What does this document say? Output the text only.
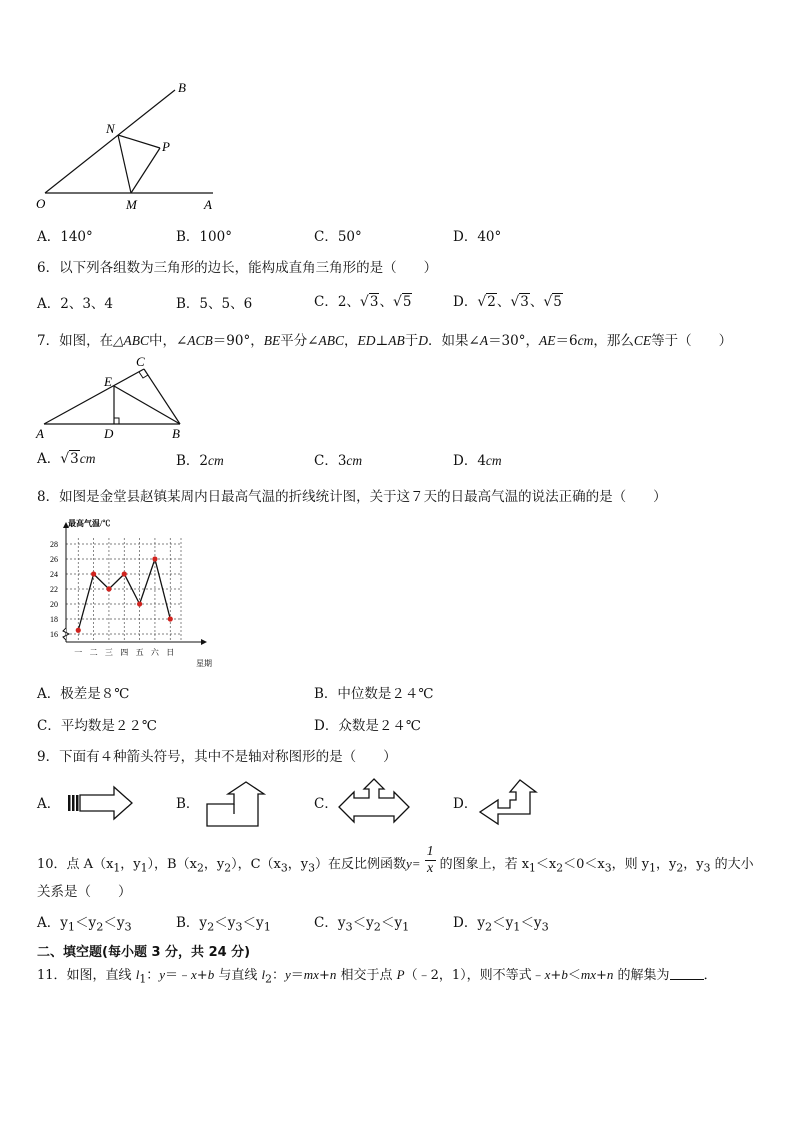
O	M	A
B
N
P
A．140°	B．100°	C．50°	D．40°
6．以下列各组数为三角形的边长，能构成直角三角形的是（　　）
A．2、3、4	B．5、5、6	C．2、√3、√5	D．√2、√3、√5
7．如图，在△ABC中，∠ACB＝90°，BE平分∠ABC，ED⊥AB于D．如果∠A＝30°，AE＝6cm，那么CE等于（　　）
A	D	B
E
C
A．√3cm	B．2cm	C．3cm	D．4cm
8．如图是金堂县赵镇某周内日最高气温的折线统计图，关于这７天的日最高气温的说法正确的是（　　）
最高气温/℃
星期
16
18
20
22
24
26
28
一 二 三 四 五 六 日
A．极差是８℃	B．中位数是２４℃
C．平均数是２２℃	D．众数是２４℃
9．下面有４种箭头符号，其中不是轴对称图形的是（　　）
A．	B．	C．	D．
10．点 $A(x_1$，$y_1$），$B(x_2$，$y_2$），$C(x_3$，$y_3$）在反比例函数$y= \frac{1}{x}$ 的图象上，若 $x_1<x_2<0<x_3$，则 $y_1$，$y_2$，$y_3$ 的大小
关系是（　　）
A．$y_1<y_2<y_3$	B．$y_2<y_3<y_1$	C．$y_3<y_2<y_1$	D．$y_2<y_1<y_3$
二、填空题(每小题 3 分，共 24 分)
11．如图，直线 $l_1$：y＝﹣x+b 与直线 $l_2$：y＝mx+n 相交于点 P（﹣2，1），则不等式﹣x+b＜mx+n 的解集为	．
